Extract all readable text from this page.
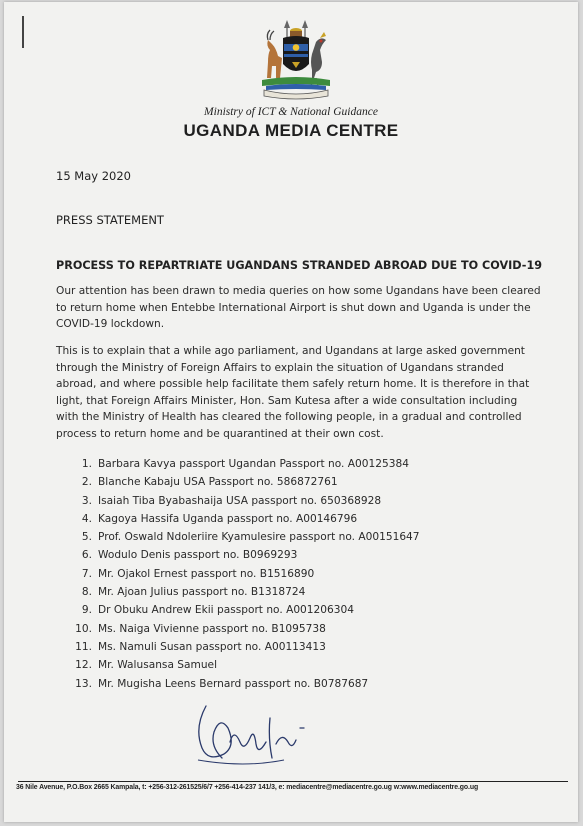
Ministry of ICT & National Guidance
UGANDA MEDIA CENTRE
15 May 2020
PRESS STATEMENT
PROCESS TO REPARTRIATE UGANDANS STRANDED ABROAD DUE TO COVID-19
Our attention has been drawn to media queries on how some Ugandans have been cleared to return home when Entebbe International Airport is shut down and Uganda is under the COVID-19 lockdown.
This is to explain that a while ago parliament, and Ugandans at large asked government through the Ministry of Foreign Affairs to explain the situation of Ugandans stranded abroad, and where possible help facilitate them safely return home. It is therefore in that light, that Foreign Affairs Minister, Hon. Sam Kutesa after a wide consultation including with the Ministry of Health has cleared the following people, in a gradual and controlled process to return home and be quarantined at their own cost.
1. Barbara Kavya passport Ugandan Passport no. A00125384
2. Blanche Kabaju USA Passport no. 586872761
3. Isaiah Tiba Byabashaija USA passport no. 650368928
4. Kagoya Hassifa Uganda passport no. A00146796
5. Prof. Oswald Ndoleriire Kyamulesire passport no. A00151647
6. Wodulo Denis passport no. B0969293
7. Mr. Ojakol Ernest passport no. B1516890
8. Mr. Ajoan Julius passport no. B1318724
9. Dr Obuku Andrew Ekii passport no. A001206304
10. Ms. Naiga Vivienne passport no. B1095738
11. Ms. Namuli Susan passport no. A00113413
12. Mr. Walusansa Samuel
13. Mr. Mugisha Leens Bernard passport no. B0787687
36 Nile Avenue, P.O.Box 2665 Kampala, t: +256-312-261525/6/7 +256-414-237 141/3, e: mediacentre@mediacentre.go.ug w:www.mediacentre.go.ug
